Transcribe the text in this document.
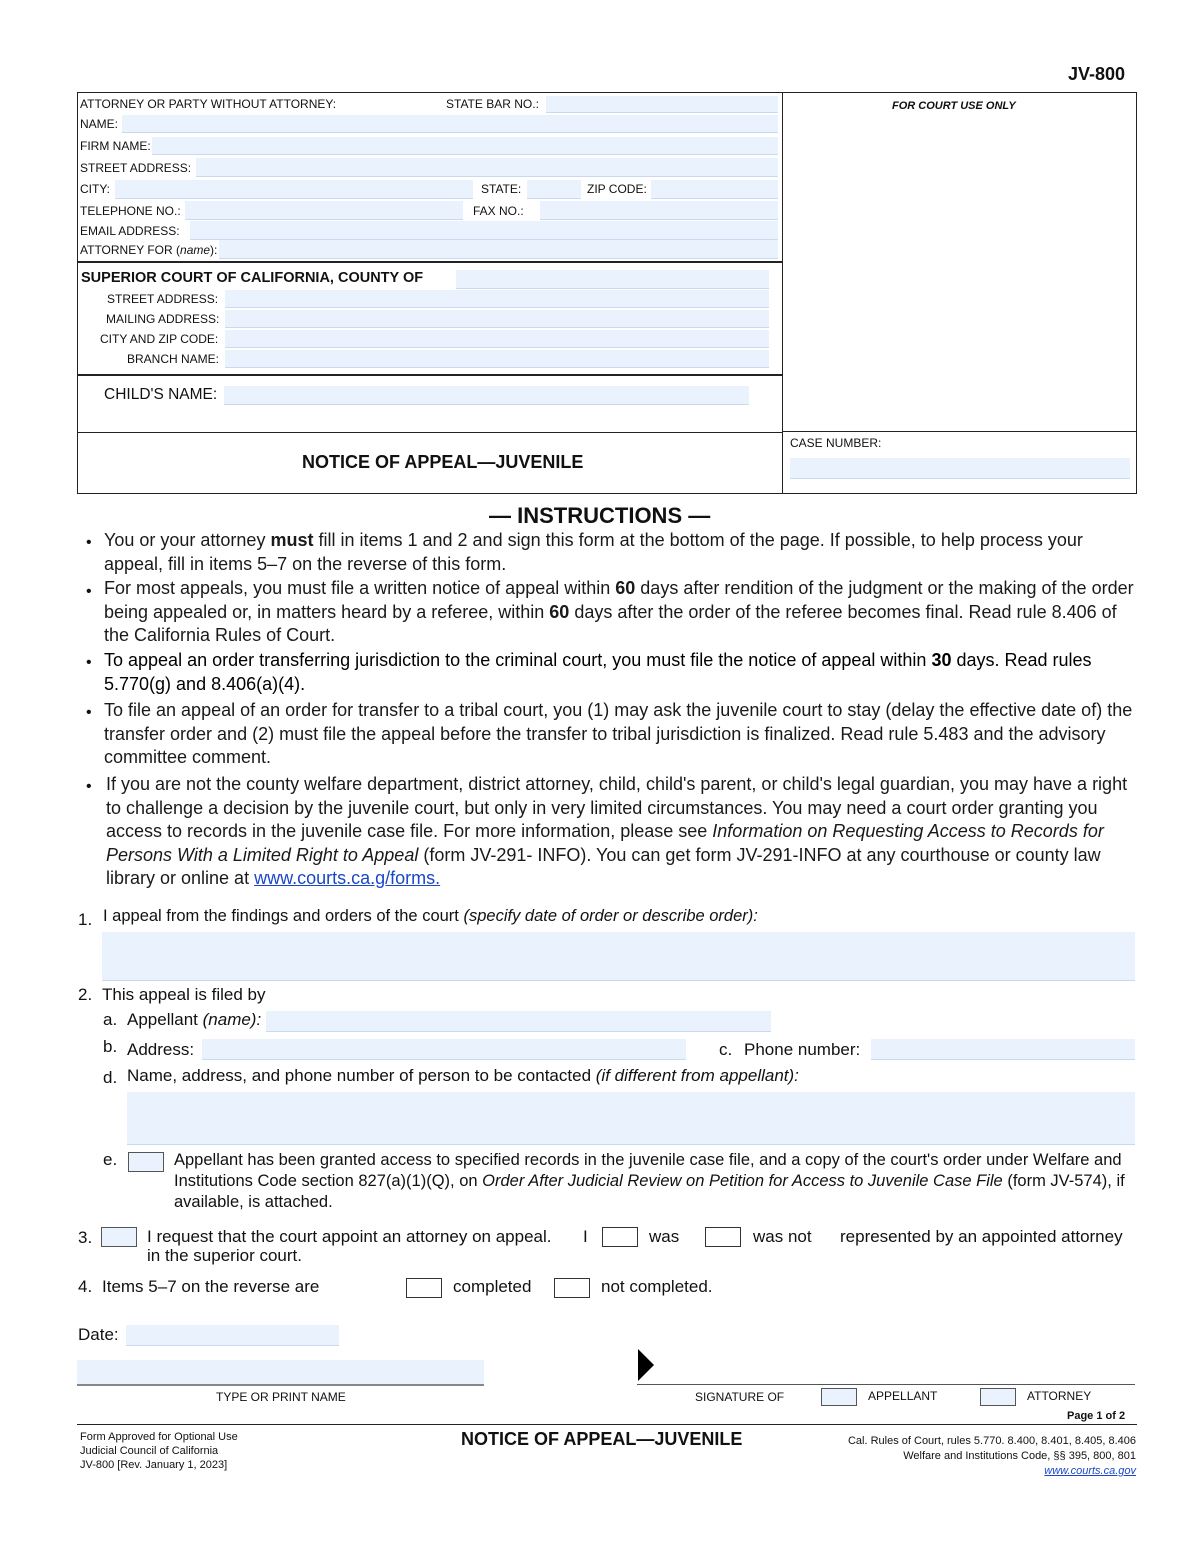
JV-800
ATTORNEY OR PARTY WITHOUT ATTORNEY:	STATE BAR NO.:
NAME:
FIRM NAME:
STREET ADDRESS:
CITY:	STATE:	ZIP CODE:
TELEPHONE NO.:	FAX NO.:
EMAIL ADDRESS:
ATTORNEY FOR (name):
FOR COURT USE ONLY
SUPERIOR COURT OF CALIFORNIA, COUNTY OF
STREET ADDRESS:
MAILING ADDRESS:
CITY AND ZIP CODE:
BRANCH NAME:
CHILD'S NAME:
NOTICE OF APPEAL—JUVENILE
CASE NUMBER:
— INSTRUCTIONS —
• You or your attorney must fill in items 1 and 2 and sign this form at the bottom of the page. If possible, to help process your appeal, fill in items 5–7 on the reverse of this form.
• For most appeals, you must file a written notice of appeal within 60 days after rendition of the judgment or the making of the order being appealed or, in matters heard by a referee, within 60 days after the order of the referee becomes final. Read rule 8.406 of the California Rules of Court.
• To appeal an order transferring jurisdiction to the criminal court, you must file the notice of appeal within 30 days. Read rules 5.770(g) and 8.406(a)(4).
• To file an appeal of an order for transfer to a tribal court, you (1) may ask the juvenile court to stay (delay the effective date of) the transfer order and (2) must file the appeal before the transfer to tribal jurisdiction is finalized. Read rule 5.483 and the advisory committee comment.
• If you are not the county welfare department, district attorney, child, child's parent, or child's legal guardian, you may have a right to challenge a decision by the juvenile court, but only in very limited circumstances. You may need a court order granting you access to records in the juvenile case file. For more information, please see Information on Requesting Access to Records for Persons With a Limited Right to Appeal (form JV-291- INFO). You can get form JV-291-INFO at any courthouse or county law library or online at www.courts.ca.g/forms.
1. I appeal from the findings and orders of the court (specify date of order or describe order):
2. This appeal is filed by
a. Appellant (name):
b. Address:	c. Phone number:
d. Name, address, and phone number of person to be contacted (if different from appellant):
e.	Appellant has been granted access to specified records in the juvenile case file, and a copy of the court's order under Welfare and Institutions Code section 827(a)(1)(Q), on Order After Judicial Review on Petition for Access to Juvenile Case File (form JV-574), if available, is attached.
3.	I request that the court appoint an attorney on appeal. I	was	was not represented by an appointed attorney
in the superior court.
4. Items 5–7 on the reverse are	completed	not completed.
Date:
TYPE OR PRINT NAME	SIGNATURE OF	APPELLANT	ATTORNEY
Page 1 of 2
Form Approved for Optional Use
Judicial Council of California
JV-800 [Rev. January 1, 2023]
NOTICE OF APPEAL—JUVENILE	Cal. Rules of Court, rules 5.770. 8.400, 8.401, 8.405, 8.406
Welfare and Institutions Code, §§ 395, 800, 801
www.courts.ca.gov
